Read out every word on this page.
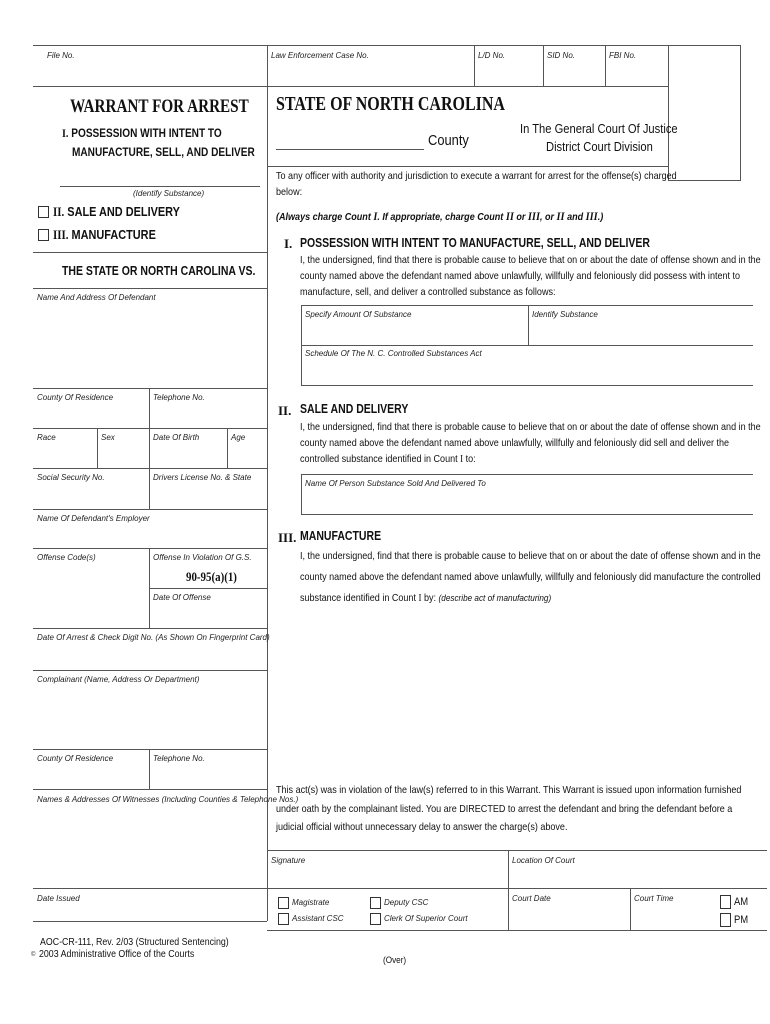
File No.	Law Enforcement Case No.	L/D No.	SID No.	FBI No.
WARRANT FOR ARREST
I. POSSESSION WITH INTENT TO
MANUFACTURE, SELL, AND DELIVER
(Identify Substance)
II. SALE AND DELIVERY
III. MANUFACTURE
THE STATE OR NORTH CAROLINA VS.
Name And Address Of Defendant
County Of Residence	Telephone No.
Race	Sex	Date Of Birth	Age
Social Security No.	Drivers License No. & State
Name Of Defendant's Employer
Offense Code(s)	Offense In Violation Of G.S.
90-95(a)(1)
Date Of Offense
Date Of Arrest & Check Digit No. (As Shown On Fingerprint Card)
Complainant (Name, Address Or Department)
County Of Residence	Telephone No.
Names & Addresses Of Witnesses (Including Counties & Telephone Nos.)
Date Issued
STATE OF NORTH CAROLINA
County
In The General Court Of Justice
District Court Division
To any officer with authority and jurisdiction to execute a warrant for arrest for the offense(s) charged
below:
(Always charge Count I. If appropriate, charge Count II or III, or II and III.)
I. POSSESSION WITH INTENT TO MANUFACTURE, SELL, AND DELIVER
I, the undersigned, find that there is probable cause to believe that on or about the date of offense shown and in the
county named above the defendant named above unlawfully, willfully and feloniously did possess with intent to
manufacture, sell, and deliver a controlled substance as follows:
Specify Amount Of Substance	Identify Substance
Schedule Of The N. C. Controlled Substances Act
II. SALE AND DELIVERY
I, the undersigned, find that there is probable cause to believe that on or about the date of offense shown and in the
county named above the defendant named above unlawfully, willfully and feloniously did sell and deliver the
controlled substance identified in Count I to:
Name Of Person Substance Sold And Delivered To
III. MANUFACTURE
I, the undersigned, find that there is probable cause to believe that on or about the date of offense shown and in the
county named above the defendant named above unlawfully, willfully and feloniously did manufacture the controlled
substance identified in Count I by: (describe act of manufacturing)
This act(s) was in violation of the law(s) referred to in this Warrant. This Warrant is issued upon information furnished
under oath by the complainant listed. You are DIRECTED to arrest the defendant and bring the defendant before a
judicial official without unnecessary delay to answer the charge(s) above.
Signature	Location Of Court
Magistrate	Deputy CSC
Assistant CSC	Clerk Of Superior Court
Court Date	Court Time	AM
PM
AOC-CR-111, Rev. 2/03 (Structured Sentencing)
© 2003 Administrative Office of the Courts
(Over)
